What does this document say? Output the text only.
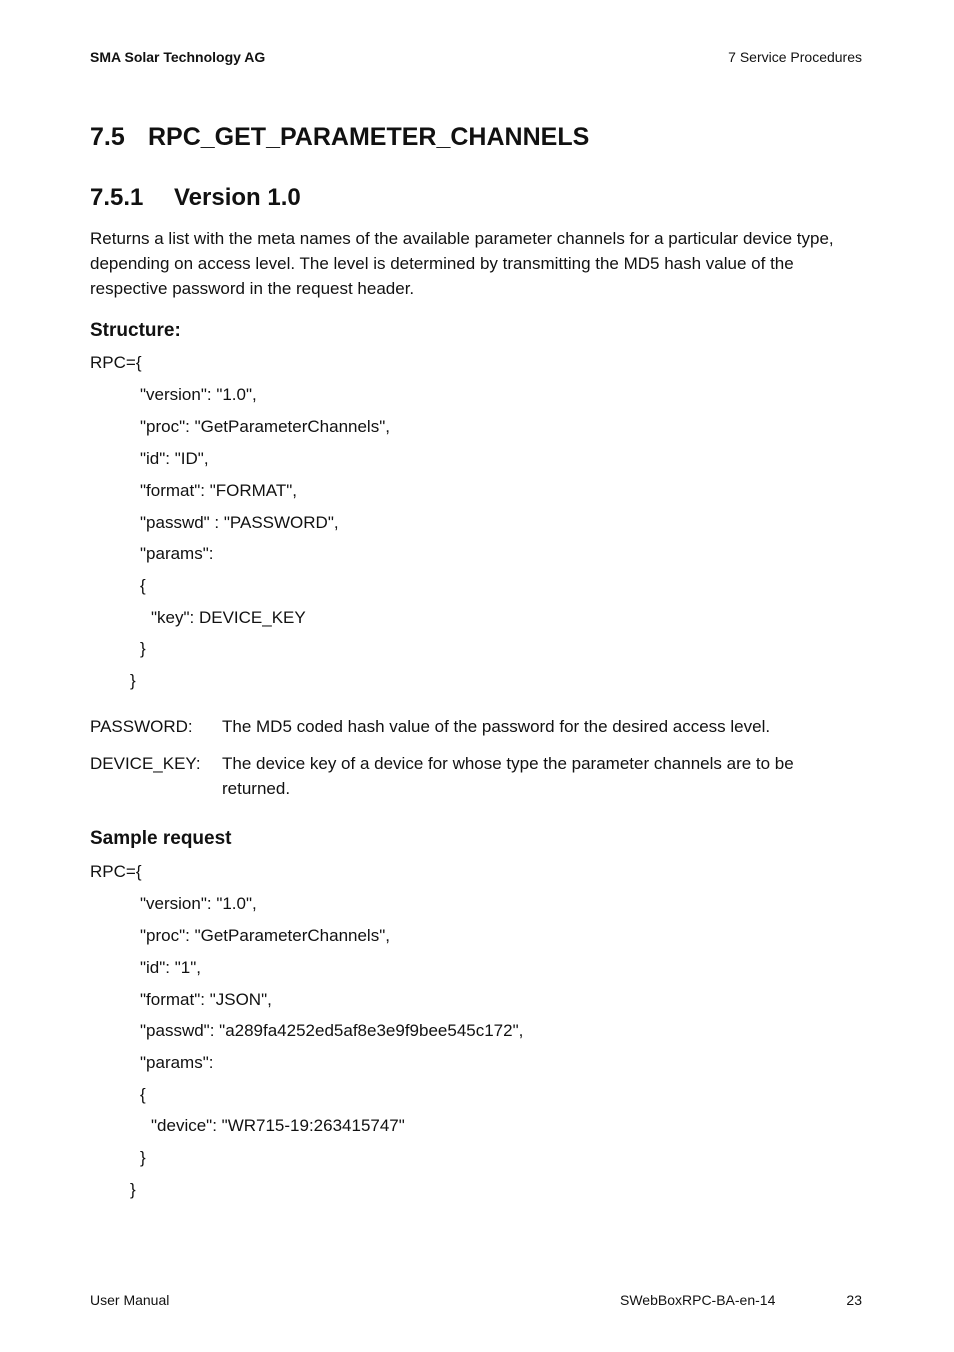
SMA Solar Technology AG	7 Service Procedures
7.5 RPC_GET_PARAMETER_CHANNELS
7.5.1 Version 1.0
Returns a list with the meta names of the available parameter channels for a particular device type, depending on access level. The level is determined by transmitting the MD5 hash value of the respective password in the request header.
Structure:
RPC={
"version": "1.0",
"proc": "GetParameterChannels",
"id": "ID",
"format": "FORMAT",
"passwd" : "PASSWORD",
"params":
{
"key": DEVICE_KEY
}
}
PASSWORD: The MD5 coded hash value of the password for the desired access level.
DEVICE_KEY: The device key of a device for whose type the parameter channels are to be returned.
Sample request
RPC={
"version": "1.0",
"proc": "GetParameterChannels",
"id": "1",
"format": "JSON",
"passwd": "a289fa4252ed5af8e3e9f9bee545c172",
"params":
{
"device": "WR715-19:263415747"
}
}
User Manual	SWebBoxRPC-BA-en-14	23
